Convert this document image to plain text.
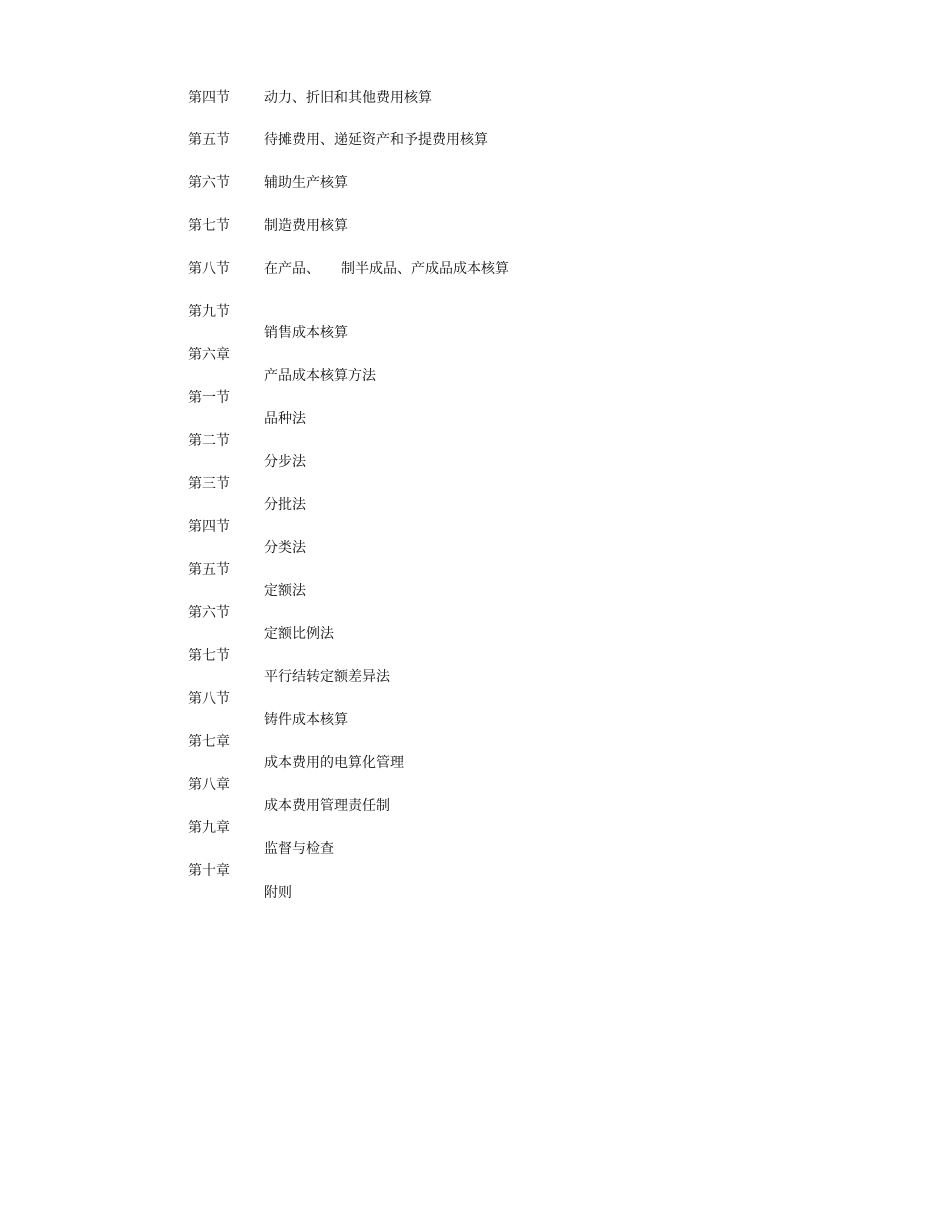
第四节
第五节
第六节
第七节
第八节
第九节
第六章
第一节
第二节
第三节
第四节
第五节
第六节
第七节
第八节
第七章
第八章
第九章
第十章
动力、折旧和其他费用核算
待摊费用、递延资产和予提费用核算
辅助生产核算
制造费用核算
在产品、　　制半成品、产成品成本核算
销售成本核算
产品成本核算方法
品种法
分步法
分批法
分类法
定额法
定额比例法
平行结转定额差异法
铸件成本核算
成本费用的电算化管理
成本费用管理责任制
监督与检查
附则
